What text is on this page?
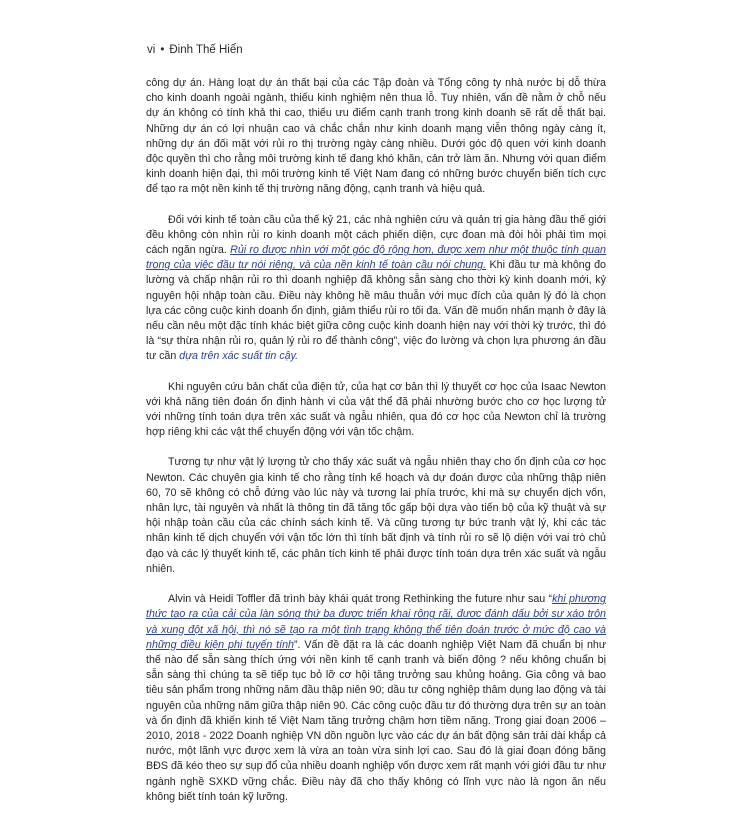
vi • Đinh Thế Hiển

công dự án. Hàng loạt dự án thất bại của các Tập đoàn và Tổng công ty nhà nước bị dỗ thừa cho kinh doanh ngoài ngành, thiếu kinh nghiệm nên thua lỗ. Tuy nhiên, vấn đề nằm ở chỗ nếu dự án không có tính khả thi cao, thiếu ưu điểm cạnh tranh trong kinh doanh sẽ rất dễ thất bại. Những dự án có lợi nhuận cao và chắc chắn như kinh doanh mạng viễn thông ngày càng ít, những dự án đối mặt với rủi ro thị trường ngày càng nhiều. Dưới góc độ quen với kinh doanh độc quyền thì cho rằng môi trường kinh tế đang khó khăn, cản trở làm ăn. Nhưng với quan điểm kinh doanh hiện đại, thì môi trường kinh tế Việt Nam đang có những bước chuyển biến tích cực để tạo ra một nền kinh tế thị trường năng động, cạnh tranh và hiệu quả.

Đối với kinh tế toàn cầu của thế kỷ 21, các nhà nghiên cứu và quản trị gia hàng đầu thế giới đều không còn nhìn rủi ro kinh doanh một cách phiến diện, cực đoan mà đòi hỏi phải tìm mọi cách ngăn ngừa. Rủi ro được nhìn với một góc độ rộng hơn, được xem như một thuộc tính quan trọng của việc đầu tư nói riêng, và của nền kinh tế toàn cầu nói chung. Khi đầu tư mà không đo lường và chấp nhận rủi ro thì doanh nghiệp đã không sẵn sàng cho thời kỳ kinh doanh mới, kỷ nguyên hội nhập toàn cầu. Điều này không hề mâu thuẫn với mục đích của quản lý đó là chọn lựa các công cuộc kinh doanh ổn định, giảm thiểu rủi ro tối đa. Vấn đề muốn nhấn mạnh ở đây là nếu cần nêu một đặc tính khác biệt giữa công cuộc kinh doanh hiện nay với thời kỳ trước, thì đó là “sự thừa nhận rủi ro, quản lý rủi ro để thành công”, việc đo lường và chọn lựa phương án đầu tư cần dựa trên xác suất tin cậy.

Khi nguyên cứu bản chất của điện tử, của hạt cơ bản thì lý thuyết cơ học của Isaac Newton với khả năng tiên đoán ổn định hành vi của vật thể đã phải nhường bước cho cơ học lượng tử với những tính toán dựa trên xác suất và ngẫu nhiên, qua đó cơ học của Newton chỉ là trường hợp riêng khi các vật thể chuyển động với vận tốc chậm.

Tương tự như vật lý lượng tử cho thấy xác suất và ngẫu nhiên thay cho ổn định của cơ học Newton. Các chuyên gia kinh tế cho rằng tính kế hoạch và dự đoán được của những thập niên 60, 70 sẽ không có chỗ đứng vào lúc này và tương lai phía trước, khi mà sự chuyển dịch vốn, nhân lực, tài nguyên và nhất là thông tin đã tăng tốc gấp bội dựa vào tiến bộ của kỹ thuật và sự hội nhập toàn cầu của các chính sách kinh tế. Và cũng tương tự bức tranh vật lý, khi các tác nhân kinh tế dịch chuyển với vận tốc lớn thì tính bất định và tính rủi ro sẽ lộ diện với vai trò chủ đạo và các lý thuyết kinh tế, các phân tích kinh tế phải được tính toán dựa trên xác suất và ngẫu nhiên.

Alvin và Heidi Toffler đã trình bày khái quát trong Rethinking the future như sau “khi phương thức tạo ra của cải của làn sóng thứ ba được triển khai rộng rãi, được đánh dấu bởi sự xáo trộn và xung đột xã hội, thì nó sẽ tạo ra một tình trạng không thể tiên đoán trước ở mức độ cao và những điều kiện phi tuyến tính”. Vấn đề đặt ra là các doanh nghiệp Việt Nam đã chuẩn bị như thế nào để sẵn sàng thích ứng với nền kinh tế cạnh tranh và biến động ? nếu không chuẩn bị sẵn sàng thì chúng ta sẽ tiếp tục bỏ lỡ cơ hội tăng trưởng sau khủng hoảng. Gia công và bao tiêu sản phẩm trong những năm đầu thập niên 90; dầu tư công nghiệp thâm dụng lao động và tài nguyên của những năm giữa thập niên 90. Các công cuộc đầu tư đó thường dựa trên sự an toàn và ổn định đã khiến kinh tế Việt Nam tăng trưởng chậm hơn tiềm năng. Trong giai đoạn 2006 – 2010, 2018 - 2022 Doanh nghiệp VN dồn nguồn lực vào các dự án bất động sản trải dài khắp cả nước, một lãnh vực được xem là vừa an toàn vừa sinh lợi cao. Sau đó là giai đoạn đóng băng BĐS đã kéo theo sự sụp đổ của nhiều doanh nghiệp vốn được xem rất mạnh với giới đầu tư như ngành nghề SXKD vững chắc. Điều này đã cho thấy không có lĩnh vực nào là ngon ăn nếu không biết tính toán kỹ lưỡng.
